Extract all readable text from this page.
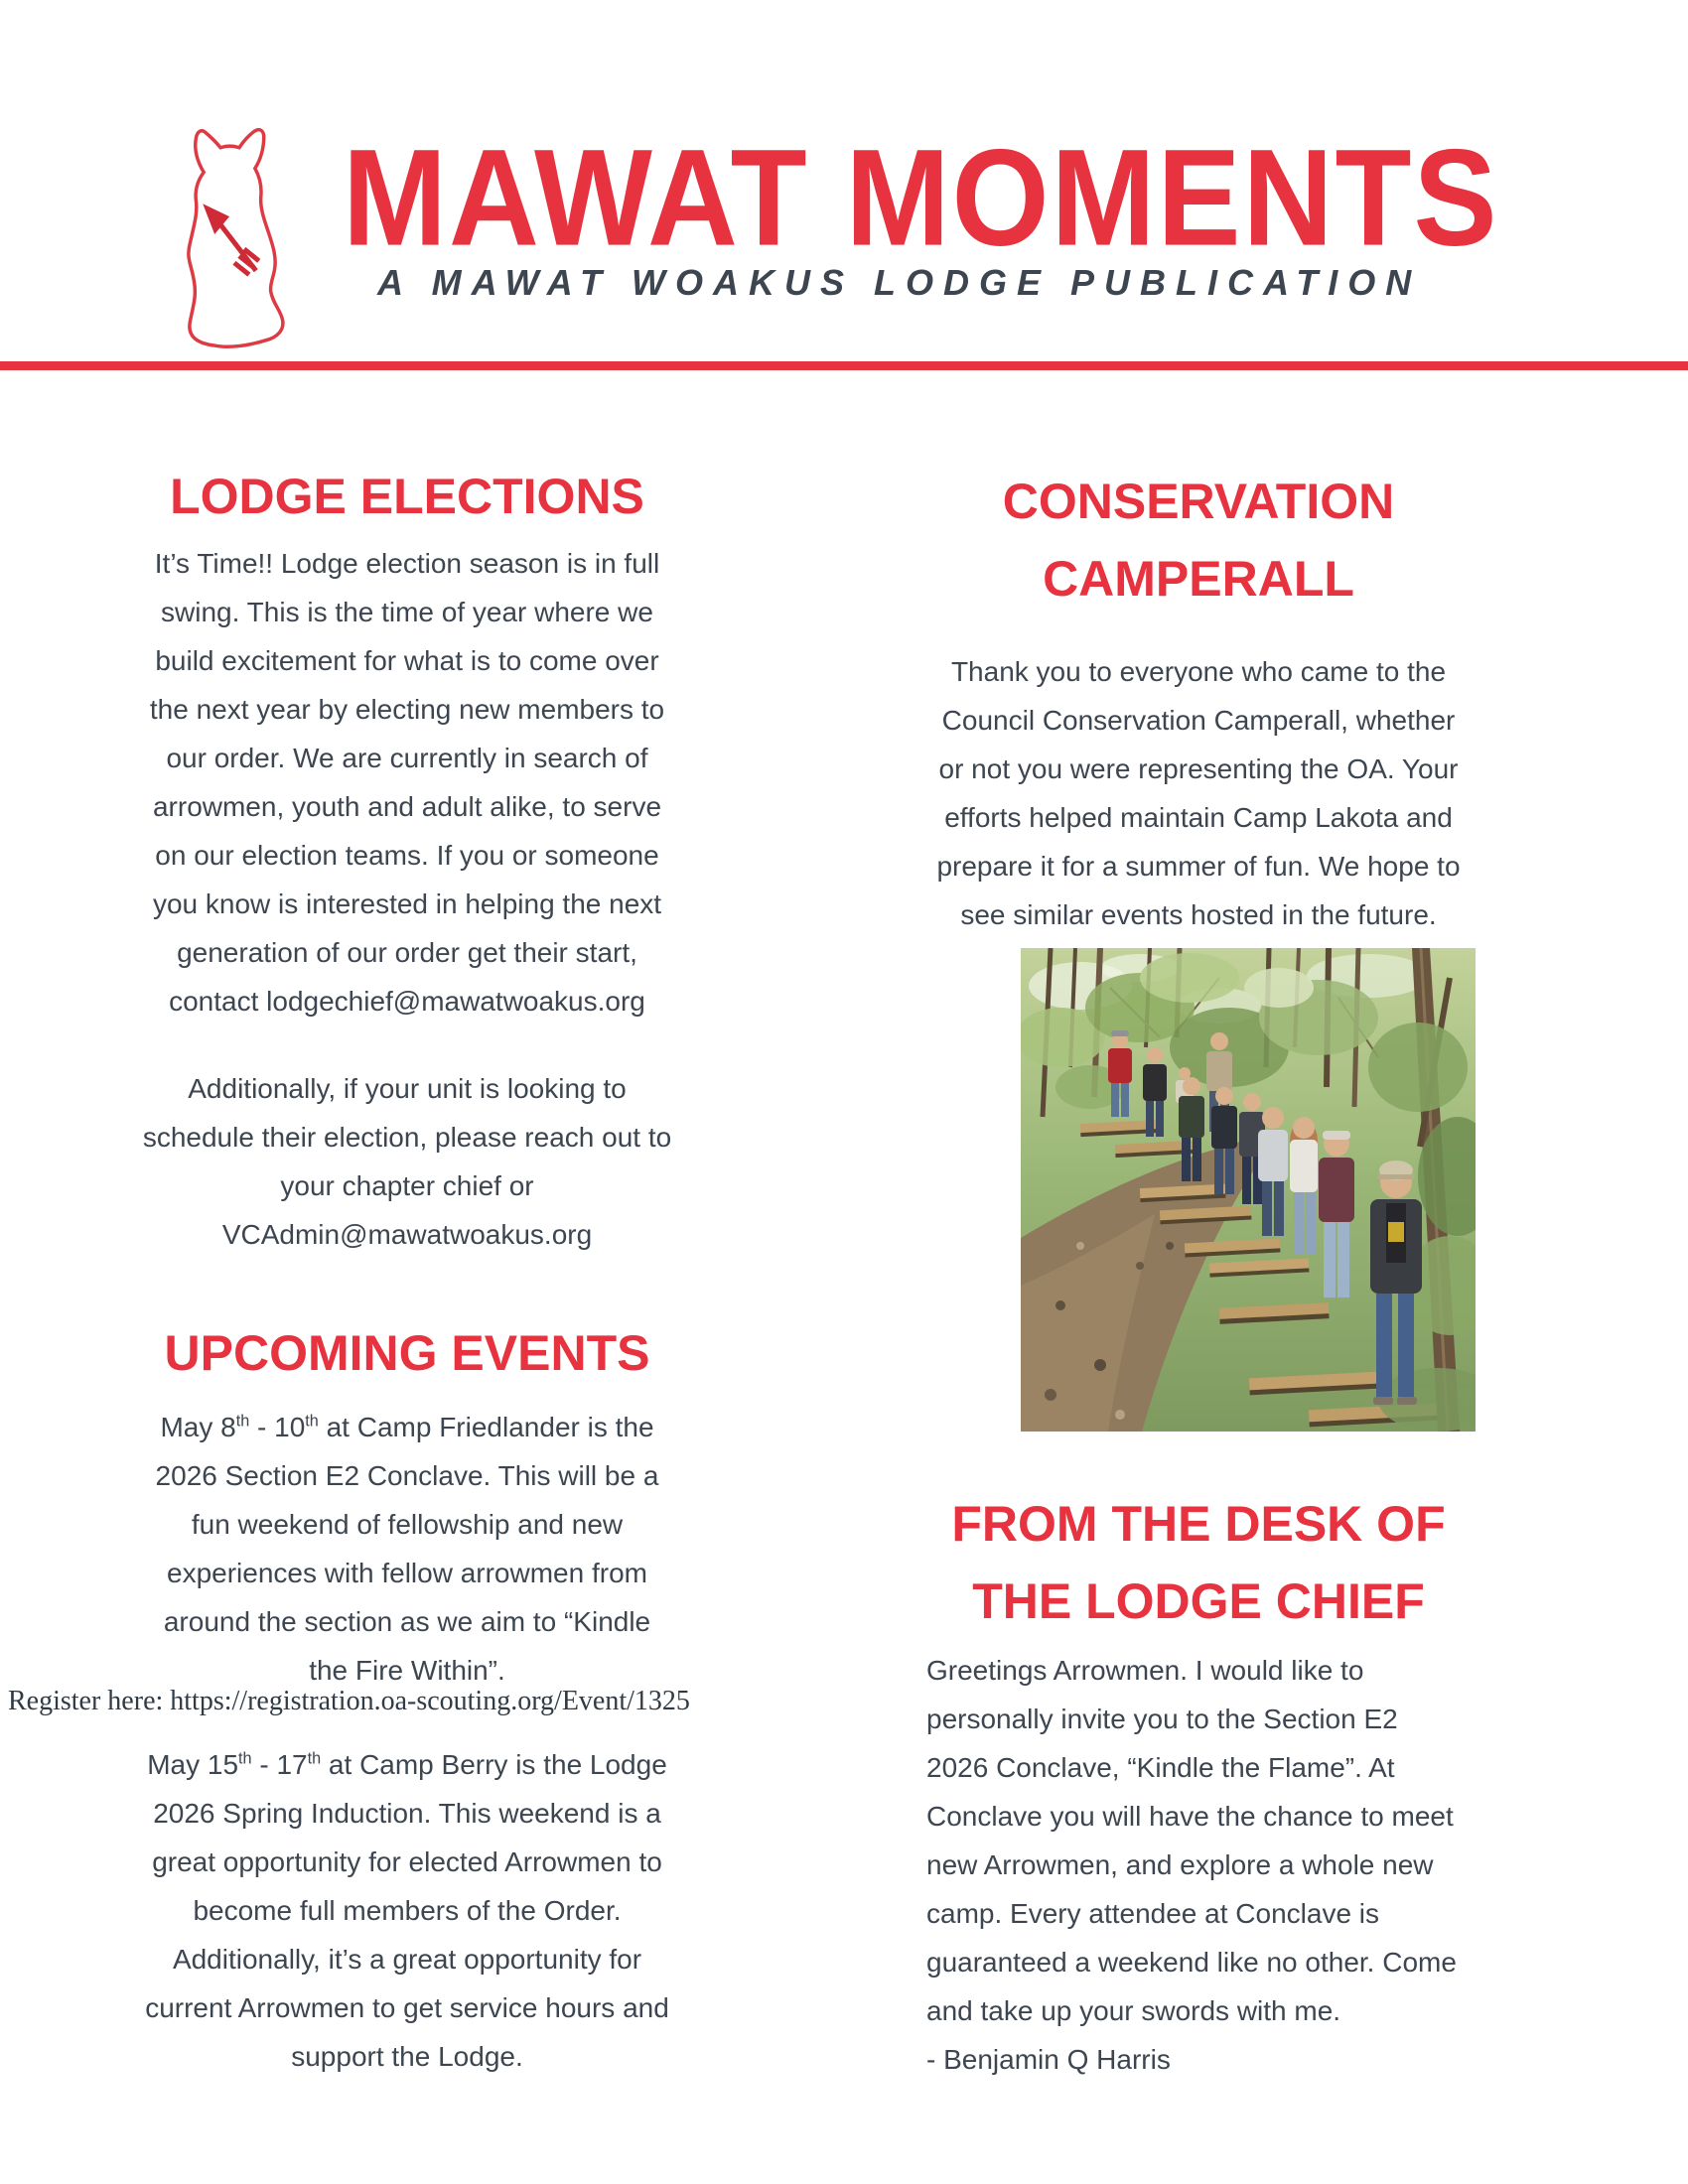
MAWAT MOMENTS
A MAWAT WOAKUS LODGE PUBLICATION
LODGE ELECTIONS

It’s Time!! Lodge election season is in full
swing. This is the time of year where we
build excitement for what is to come over
the next year by electing new members to
our order. We are currently in search of
arrowmen, youth and adult alike, to serve
on our election teams. If you or someone
you know is interested in helping the next
generation of our order get their start,
contact lodgechief@mawatwoakus.org

Additionally, if your unit is looking to
schedule their election, please reach out to
your chapter chief or
VCAdmin@mawatwoakus.org

UPCOMING EVENTS

May 8th - 10th at Camp Friedlander is the
2026 Section E2 Conclave. This will be a
fun weekend of fellowship and new
experiences with fellow arrowmen from
around the section as we aim to “Kindle
the Fire Within”.

Register here: https://registration.oa-scouting.org/Event/1325

May 15th - 17th at Camp Berry is the Lodge
2026 Spring Induction. This weekend is a
great opportunity for elected Arrowmen to
become full members of the Order.
Additionally, it’s a great opportunity for
current Arrowmen to get service hours and
support the Lodge.

CONSERVATION
CAMPERALL

Thank you to everyone who came to the
Council Conservation Camperall, whether
or not you were representing the OA. Your
efforts helped maintain Camp Lakota and
prepare it for a summer of fun. We hope to
see similar events hosted in the future.

FROM THE DESK OF
THE LODGE CHIEF

Greetings Arrowmen. I would like to
personally invite you to the Section E2
2026 Conclave, “Kindle the Flame”. At
Conclave you will have the chance to meet
new Arrowmen, and explore a whole new
camp. Every attendee at Conclave is
guaranteed a weekend like no other. Come
and take up your swords with me.
- Benjamin Q Harris
